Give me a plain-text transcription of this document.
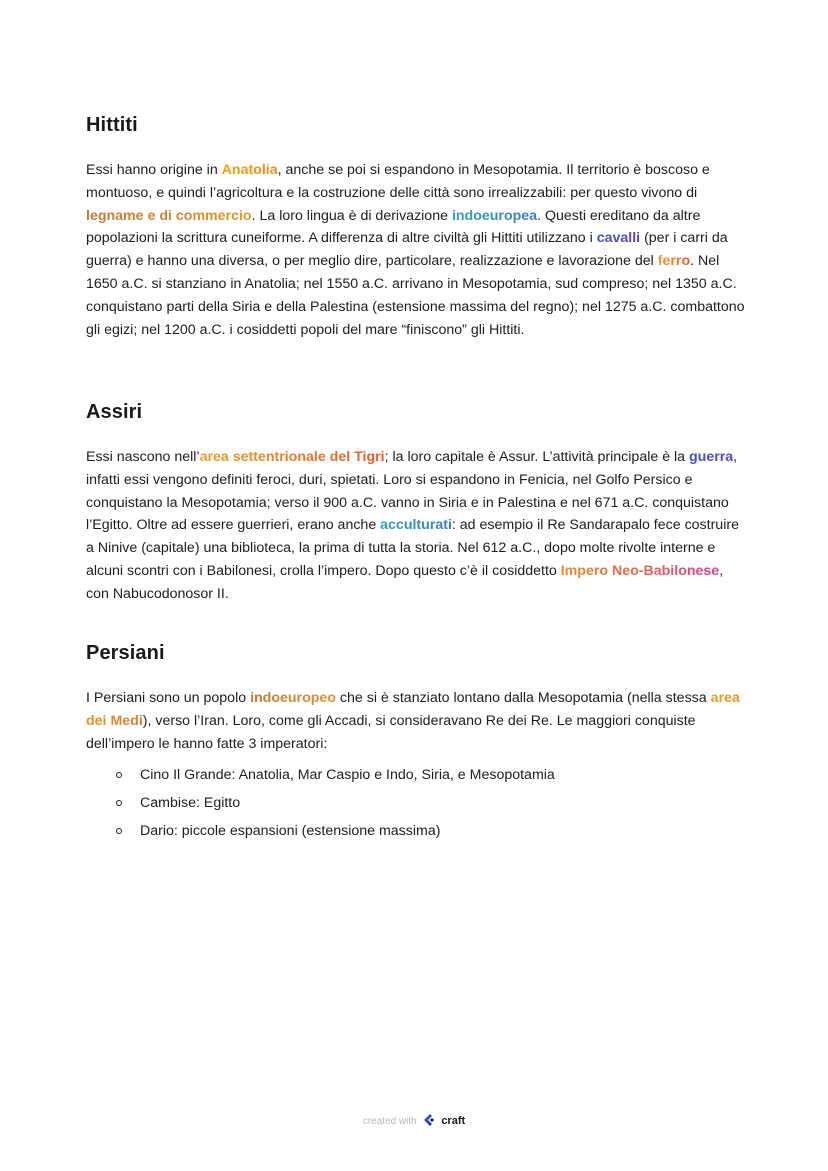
Hittiti

Essi hanno origine in Anatolia, anche se poi si espandono in Mesopotamia. Il territorio è boscoso e montuoso, e quindi l’agricoltura e la costruzione delle città sono irrealizzabili: per questo vivono di legname e di commercio. La loro lingua è di derivazione indoeuropea. Questi ereditano da altre popolazioni la scrittura cuneiforme. A differenza di altre civiltà gli Hittiti utilizzano i cavalli (per i carri da guerra) e hanno una diversa, o per meglio dire, particolare, realizzazione e lavorazione del ferro. Nel 1650 a.C. si stanziano in Anatolia; nel 1550 a.C. arrivano in Mesopotamia, sud compreso; nel 1350 a.C. conquistano parti della Siria e della Palestina (estensione massima del regno); nel 1275 a.C. combattono gli egizi; nel 1200 a.C. i cosiddetti popoli del mare “finiscono” gli Hittiti.

Assiri

Essi nascono nell’area settentrionale del Tigri; la loro capitale è Assur. L’attività principale è la guerra, infatti essi vengono definiti feroci, duri, spietati. Loro si espandono in Fenicia, nel Golfo Persico e conquistano la Mesopotamia; verso il 900 a.C. vanno in Siria e in Palestina e nel 671 a.C. conquistano l’Egitto. Oltre ad essere guerrieri, erano anche acculturati: ad esempio il Re Sandarapalo fece costruire a Ninive (capitale) una biblioteca, la prima di tutta la storia. Nel 612 a.C., dopo molte rivolte interne e alcuni scontri con i Babilonesi, crolla l’impero. Dopo questo c’è il cosiddetto Impero Neo-Babilonese, con Nabucodonosor II.

Persiani

I Persiani sono un popolo indoeuropeo che si è stanziato lontano dalla Mesopotamia (nella stessa area dei Medi), verso l’Iran. Loro, come gli Accadi, si consideravano Re dei Re. Le maggiori conquiste dell’impero le hanno fatte 3 imperatori:

Cino Il Grande: Anatolia, Mar Caspio e Indo, Siria, e Mesopotamia
Cambise: Egitto
Dario: piccole espansioni (estensione massima)
created with craft
